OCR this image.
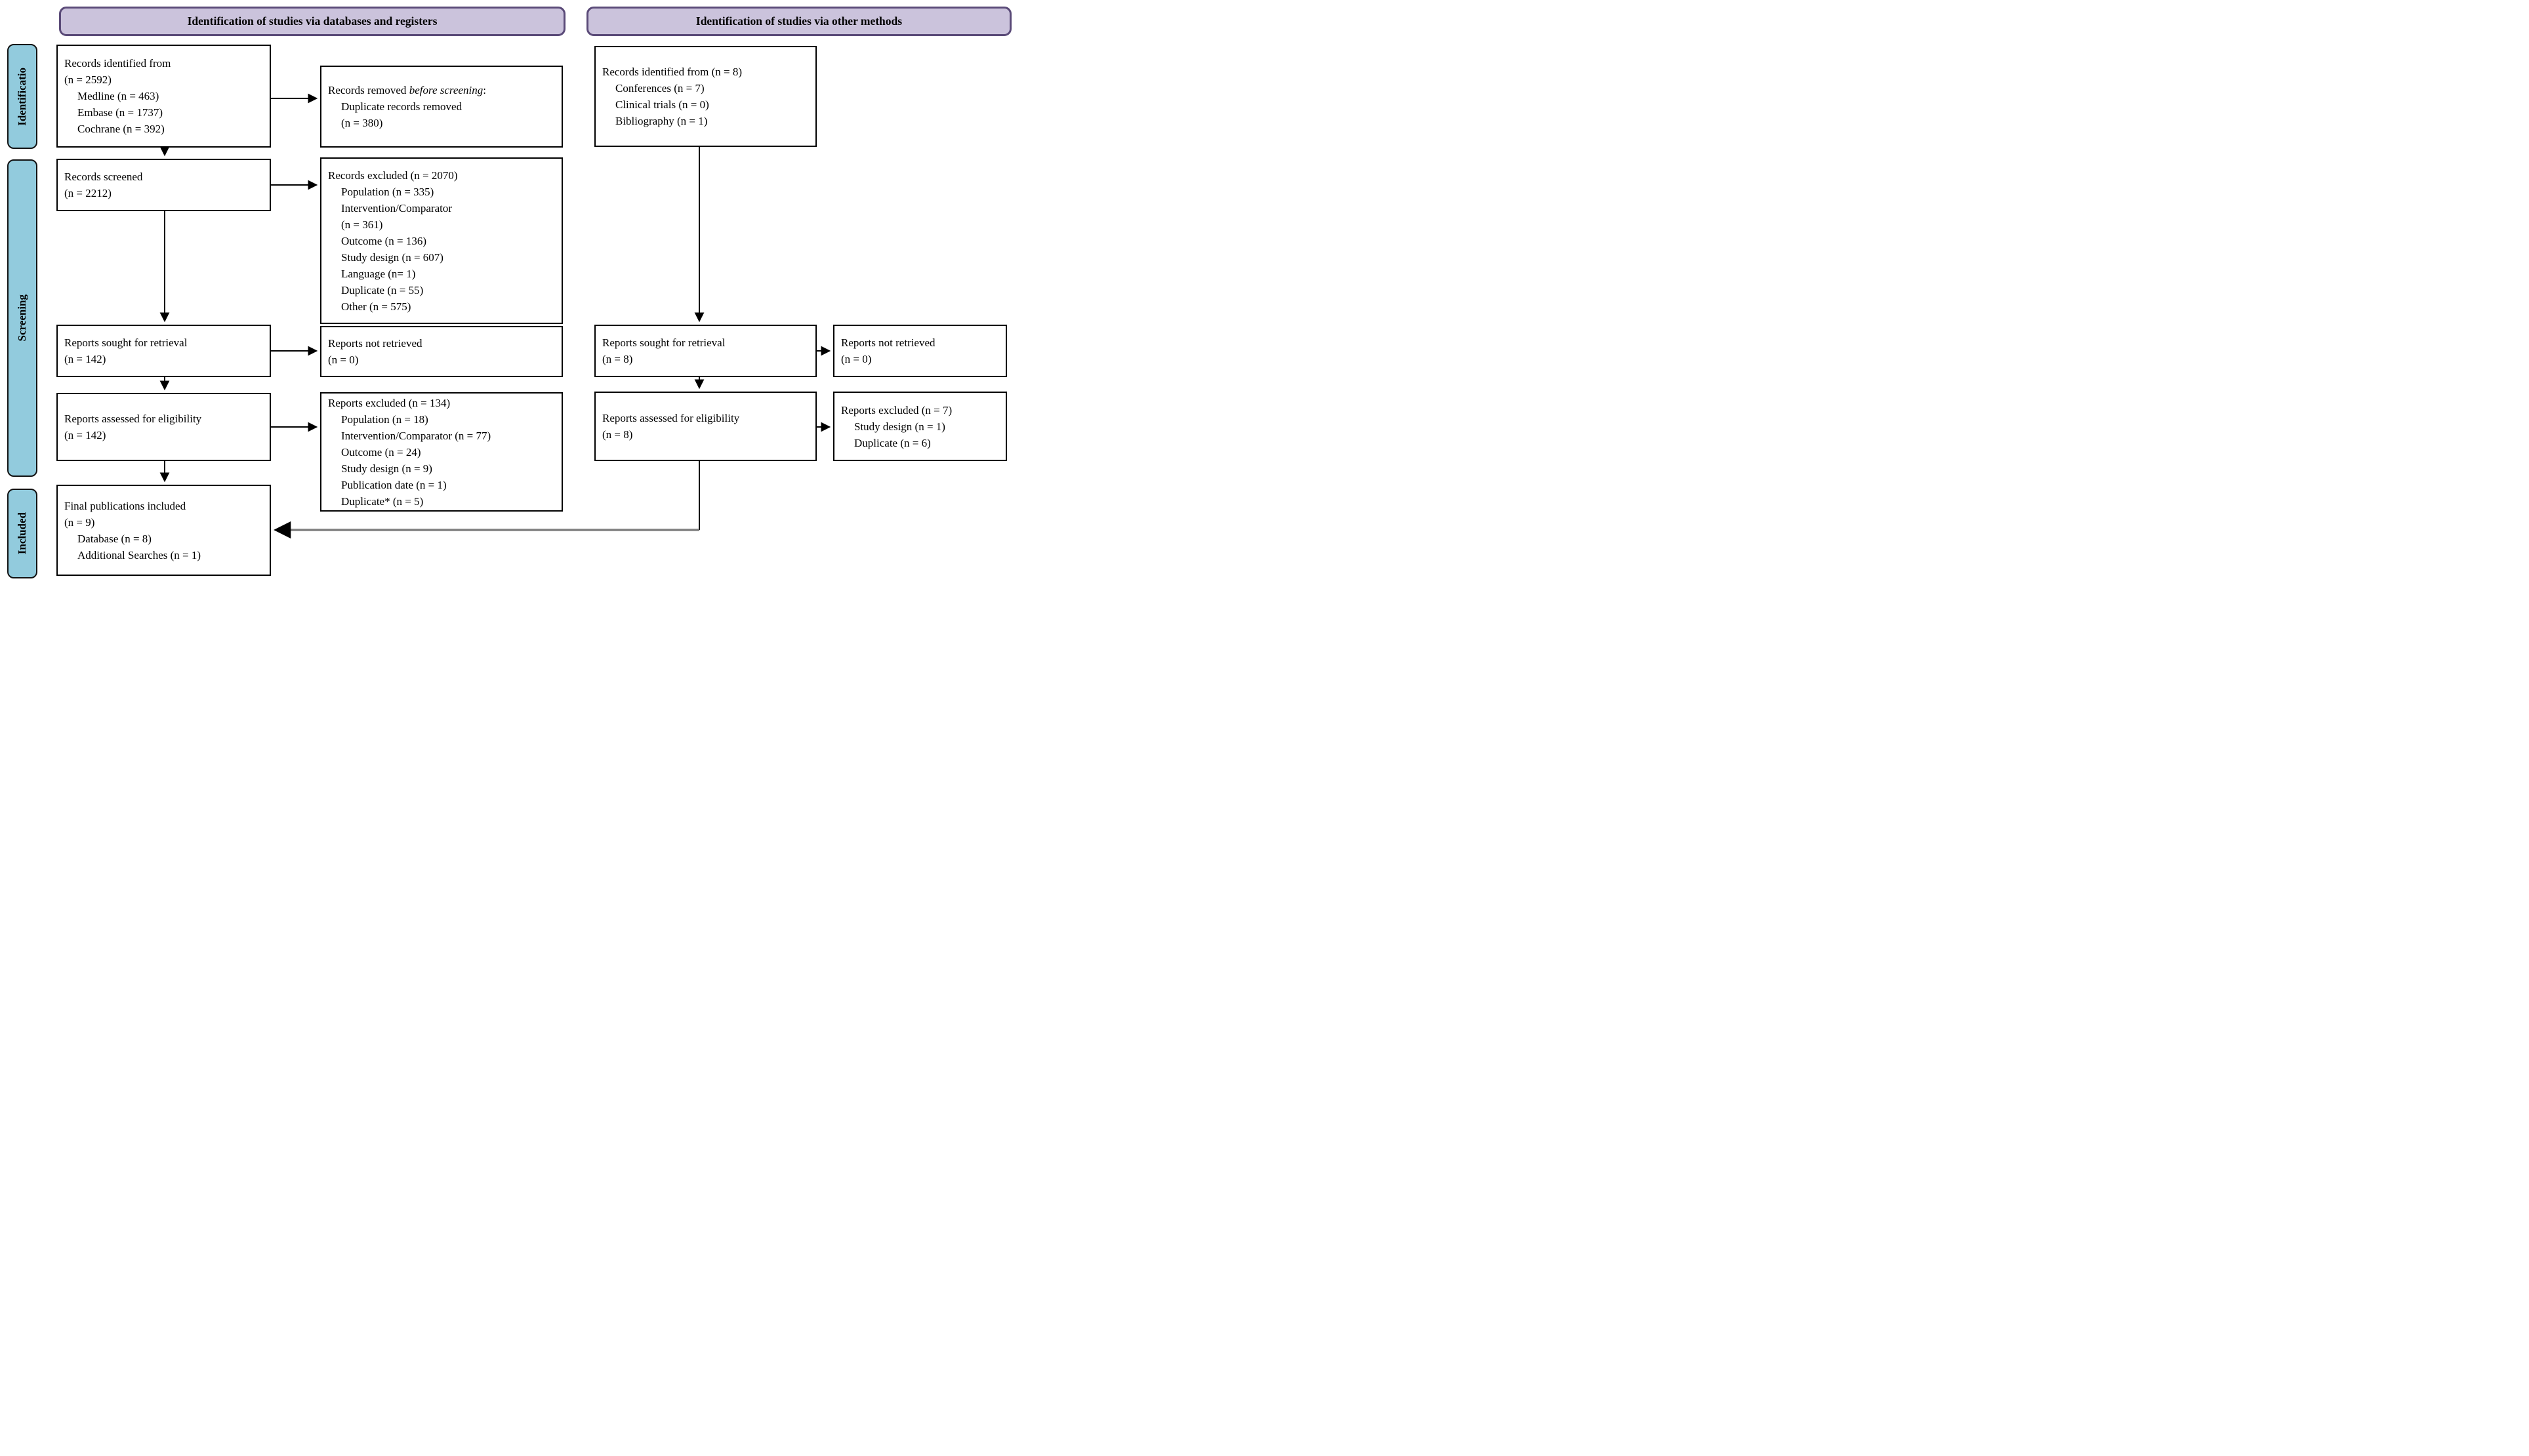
Identification of studies via databases and registers	Identification of studies via other methods
Identificatio
Screening
Included
Records identified from
(n = 2592)
Medline (n = 463)
Embase (n = 1737)
Cochrane (n = 392)
Records removed before screening:
Duplicate records removed
(n = 380)
Records screened
(n = 2212)
Records excluded (n = 2070)
Population (n = 335)
Intervention/Comparator
(n = 361)
Outcome (n = 136)
Study design (n = 607)
Language (n= 1)
Duplicate (n = 55)
Other (n = 575)
Reports sought for retrieval
(n = 142)
Reports not retrieved
(n = 0)
Reports assessed for eligibility
(n = 142)
Reports excluded (n = 134)
Population (n = 18)
Intervention/Comparator (n = 77)
Outcome (n = 24)
Study design (n = 9)
Publication date (n = 1)
Duplicate* (n = 5)
Final publications included
(n = 9)
Database (n = 8)
Additional Searches (n = 1)
Records identified from (n = 8)
Conferences (n = 7)
Clinical trials (n = 0)
Bibliography (n = 1)
Reports sought for retrieval
(n = 8)
Reports not retrieved
(n = 0)
Reports assessed for eligibility
(n = 8)
Reports excluded (n = 7)
Study design (n = 1)
Duplicate (n = 6)
